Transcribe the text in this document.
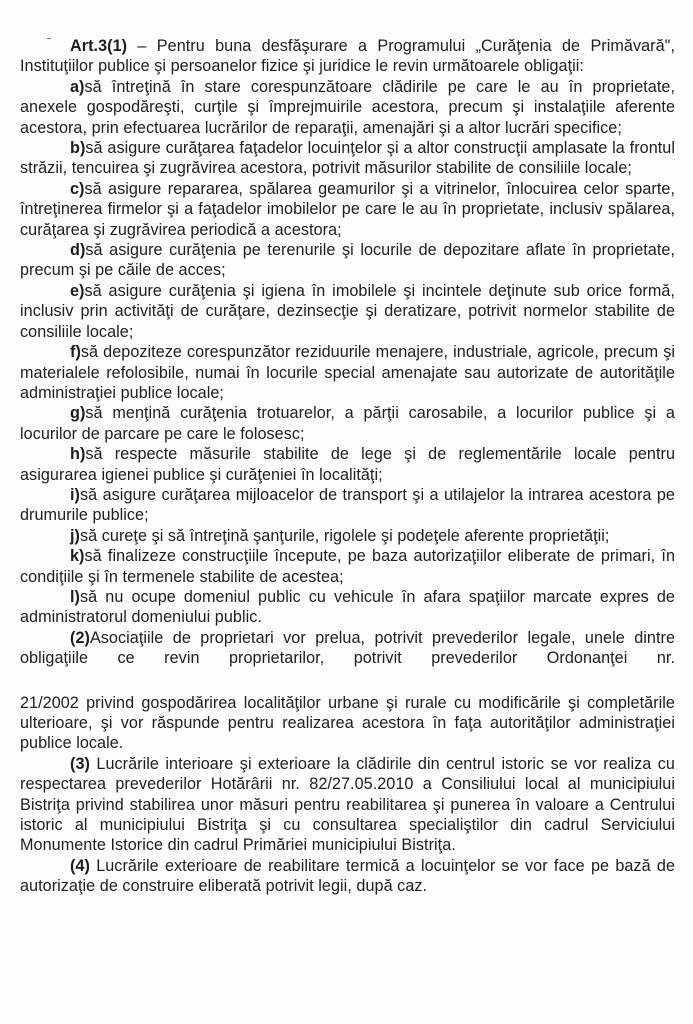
Art.3(1) – Pentru buna desfăşurare a Programului „Curăţenia de Primăvară", Instituţiilor publice şi persoanelor fizice şi juridice le revin următoarele obligaţii:

a)să întreţină în stare corespunzătoare clădirile pe care le au în proprietate, anexele gospodăreşti, curţile şi împrejmuirile acestora, precum şi instalaţiile aferente acestora, prin efectuarea lucrărilor de reparaţii, amenajări şi a altor lucrări specifice;

b)să asigure curăţarea faţadelor locuinţelor şi a altor construcţii amplasate la frontul străzii, tencuirea şi zugrăvirea acestora, potrivit măsurilor stabilite de consiliile locale;

c)să asigure repararea, spălarea geamurilor şi a vitrinelor, înlocuirea celor sparte, întreţinerea firmelor şi a faţadelor imobilelor pe care le au în proprietate, inclusiv spălarea, curăţarea şi zugrăvirea periodică a acestora;

d)să asigure curăţenia pe terenurile şi locurile de depozitare aflate în proprietate, precum şi pe căile de acces;

e)să asigure curăţenia şi igiena în imobilele şi incintele deţinute sub orice formă, inclusiv prin activităţi de curăţare, dezinsecţie şi deratizare, potrivit normelor stabilite de consiliile locale;

f)să depoziteze corespunzător reziduurile menajere, industriale, agricole, precum şi materialele refolosibile, numai în locurile special amenajate sau autorizate de autorităţile administraţiei publice locale;

g)să menţină curăţenia trotuarelor, a părţii carosabile, a locurilor publice şi a locurilor de parcare pe care le folosesc;

h)să respecte măsurile stabilite de lege şi de reglementările locale pentru asigurarea igienei publice şi curăţeniei în localităţi;

i)să asigure curăţarea mijloacelor de transport şi a utilajelor la intrarea acestora pe drumurile publice;

j)să cureţe şi să întreţină şanţurile, rigolele şi podeţele aferente proprietăţii;

k)să finalizeze construcţiile începute, pe baza autorizaţiilor eliberate de primari, în condiţiile şi în termenele stabilite de acestea;

l)să nu ocupe domeniul public cu vehicule în afara spaţiilor marcate expres de administratorul domeniului public.

(2)Asociaţiile de proprietari vor prelua, potrivit prevederilor legale, unele dintre obligaţiile ce revin proprietarilor, potrivit prevederilor Ordonanţei nr.

21/2002 privind gospodărirea localităţilor urbane şi rurale cu modificările şi completările ulterioare, şi vor răspunde pentru realizarea acestora în faţa autorităţilor administraţiei publice locale.

(3) Lucrările interioare şi exterioare la clădirile din centrul istoric se vor realiza cu respectarea prevederilor Hotărârii nr. 82/27.05.2010 a Consiliului local al municipiului Bistriţa privind stabilirea unor măsuri pentru reabilitarea şi punerea în valoare a Centrului istoric al municipiului Bistriţa şi cu consultarea specialiştilor din cadrul Serviciului Monumente Istorice din cadrul Primăriei municipiului Bistriţa.

(4) Lucrările exterioare de reabilitare termică a locuinţelor se vor face pe bază de autorizaţie de construire eliberată potrivit legii, după caz.
